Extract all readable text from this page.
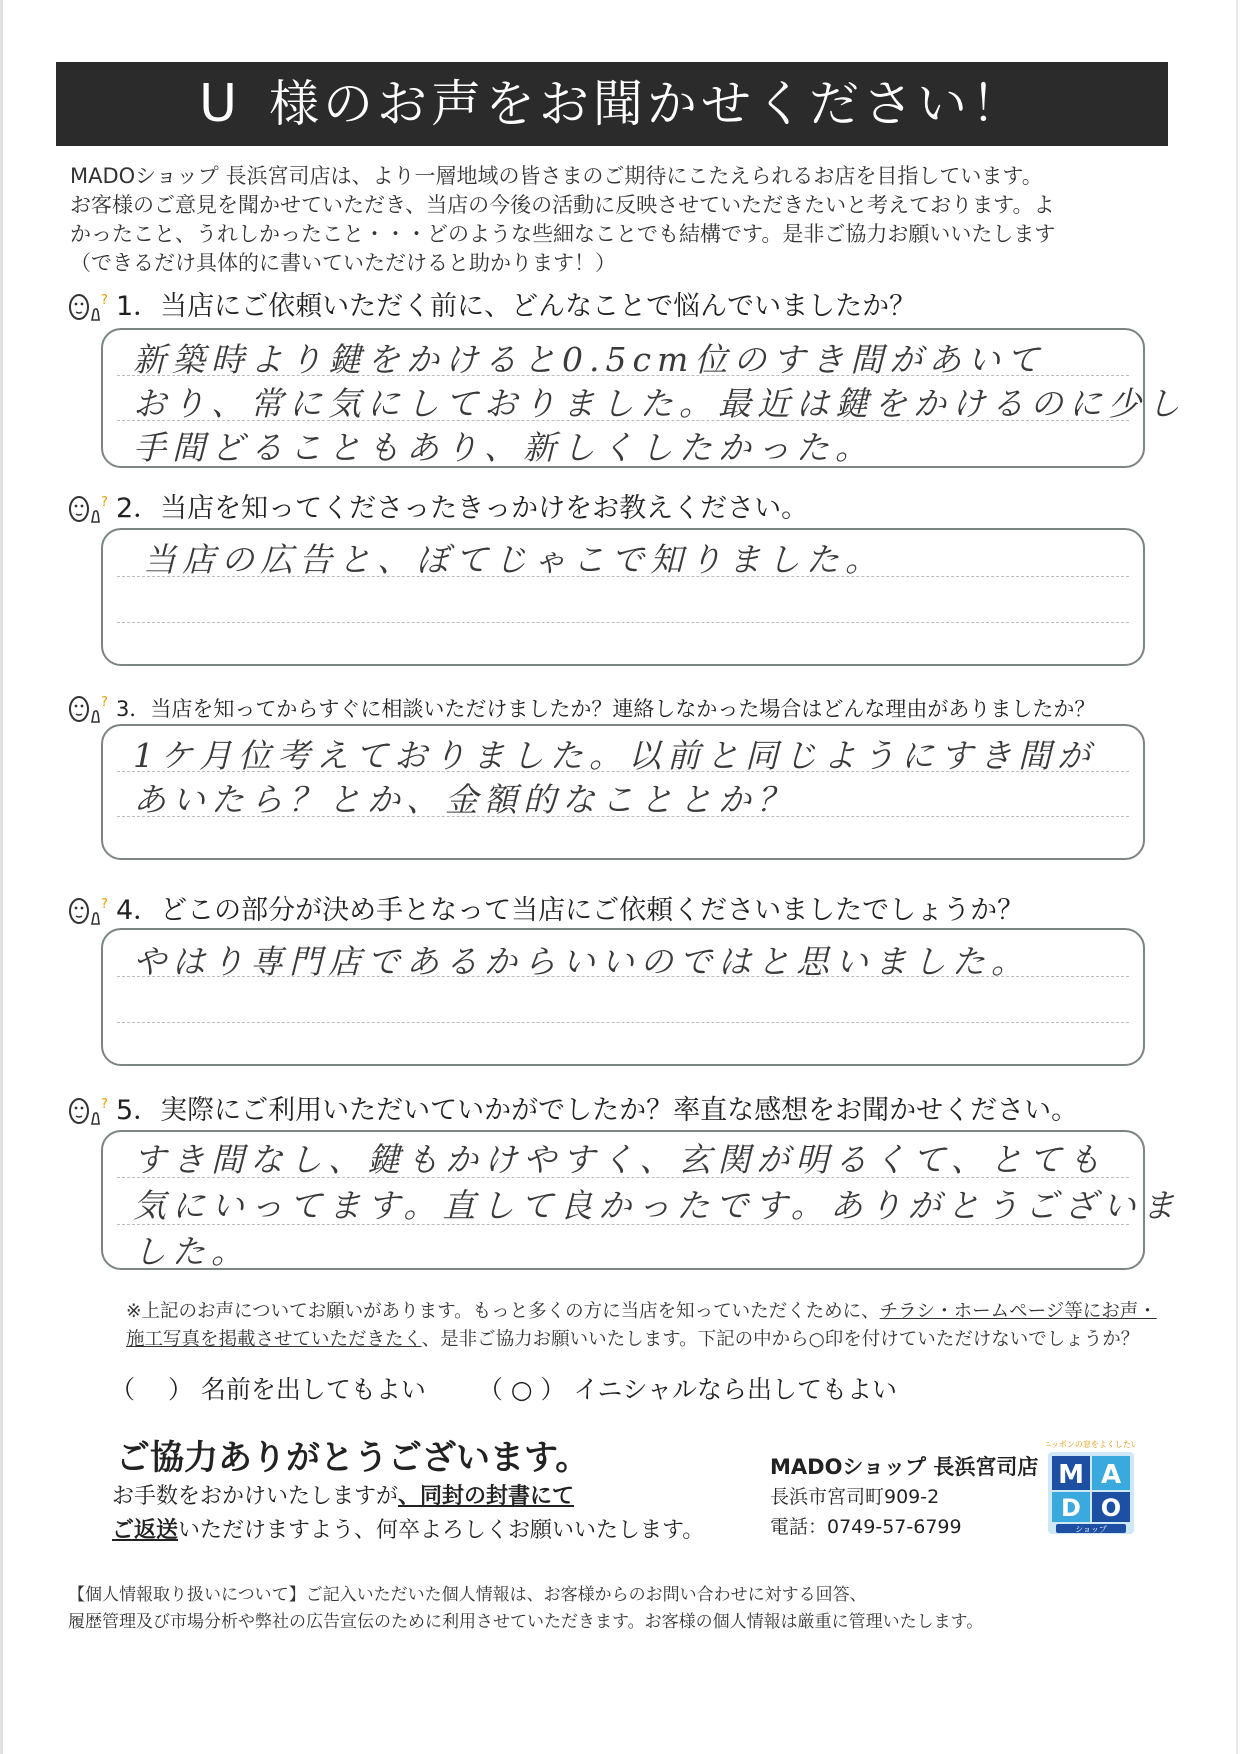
U 様のお声をお聞かせください！
MADOショップ 長浜宮司店は、より一層地域の皆さまのご期待にこたえられるお店を目指しています。
お客様のご意見を聞かせていただき、当店の今後の活動に反映させていただきたいと考えております。よ
かったこと、うれしかったこと・・・どのような些細なことでも結構です。是非ご協力お願いいたします
（できるだけ具体的に書いていただけると助かります！）
? 1．当店にご依頼いただく前に、どんなことで悩んでいましたか？
新築時より鍵をかけると0.5cm位のすき間があいて
おり、常に気にしておりました。最近は鍵をかけるのに少し
手間どることもあり、新しくしたかった。
? 2．当店を知ってくださったきっかけをお教えください。
当店の広告と、ぼてじゃこで知りました。
? 3．当店を知ってからすぐに相談いただけましたか？連絡しなかった場合はどんな理由がありましたか？
1ケ月位考えておりました。以前と同じようにすき間が
あいたら？とか、金額的なこととか？
? 4．どこの部分が決め手となって当店にご依頼くださいましたでしょうか？
やはり専門店であるからいいのではと思いました。
? 5．実際にご利用いただいていかがでしたか？率直な感想をお聞かせください。
すき間なし、鍵もかけやすく、玄関が明るくて、とても
気にいってます。直して良かったです。ありがとうございま
した。
※上記のお声についてお願いがあります。もっと多くの方に当店を知っていただくために、チラシ・ホームページ等にお声・
施工写真を掲載させていただきたく、是非ご協力お願いいたします。下記の中から○印を付けていただけないでしょうか？
（　 ） 名前を出してもよい （ ○ ） イニシャルなら出してもよい
ご協力ありがとうございます。
お手数をおかけいたしますが、同封の封書にて
ご返送いただけますよう、何卒よろしくお願いいたします。
MADOショップ 長浜宮司店
長浜市宮司町909-2
電話：0749-57-6799
ニッポンの窓をよくしたい
M A
D O
ショップ
【個人情報取り扱いについて】ご記入いただいた個人情報は、お客様からのお問い合わせに対する回答、
履歴管理及び市場分析や弊社の広告宣伝のために利用させていただきます。お客様の個人情報は厳重に管理いたします。
